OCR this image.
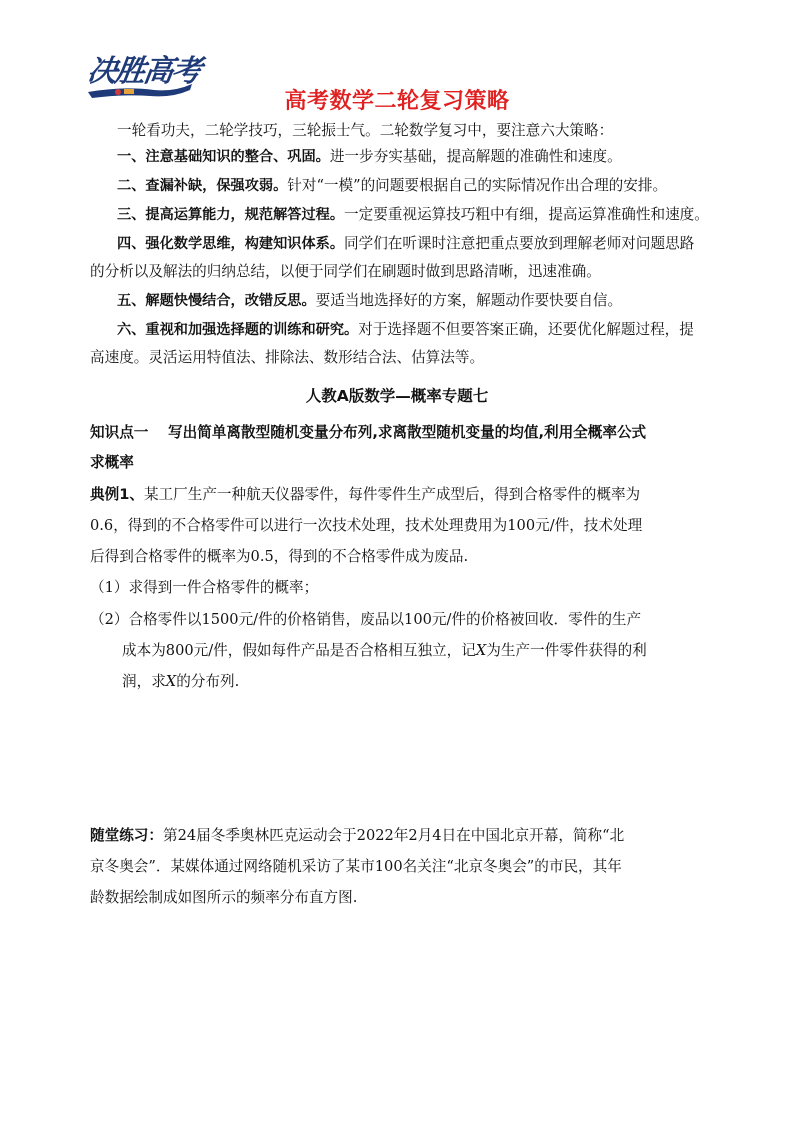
决胜高考
高考数学二轮复习策略
一轮看功夫，二轮学技巧，三轮振士气。二轮数学复习中，要注意六大策略：
一、注意基础知识的整合、巩固。进一步夯实基础，提高解题的准确性和速度。
二、查漏补缺，保强攻弱。针对“一模”的问题要根据自己的实际情况作出合理的安排。
三、提高运算能力，规范解答过程。一定要重视运算技巧粗中有细，提高运算准确性和速度。
四、强化数学思维，构建知识体系。同学们在听课时注意把重点要放到理解老师对问题思路
的分析以及解法的归纳总结，以便于同学们在刷题时做到思路清晰，迅速准确。
五、解题快慢结合，改错反思。要适当地选择好的方案，解题动作要快要自信。
六、重视和加强选择题的训练和研究。对于选择题不但要答案正确，还要优化解题过程，提
高速度。灵活运用特值法、排除法、数形结合法、估算法等。
人教A版数学—概率专题七
知识点一　 写出简单离散型随机变量分布列,求离散型随机变量的均值,利用全概率公式
求概率
典例1、某工厂生产一种航天仪器零件，每件零件生产成型后，得到合格零件的概率为
0.6，得到的不合格零件可以进行一次技术处理，技术处理费用为100元/件，技术处理
后得到合格零件的概率为0.5，得到的不合格零件成为废品.
（1）求得到一件合格零件的概率；
（2）合格零件以1500元/件的价格销售，废品以100元/件的价格被回收．零件的生产
成本为800元/件，假如每件产品是否合格相互独立，记X为生产一件零件获得的利
润，求X的分布列.
随堂练习：第24届冬季奥林匹克运动会于2022年2月4日在中国北京开幕，简称“北
京冬奥会”．某媒体通过网络随机采访了某市100名关注“北京冬奥会”的市民，其年
龄数据绘制成如图所示的频率分布直方图.
